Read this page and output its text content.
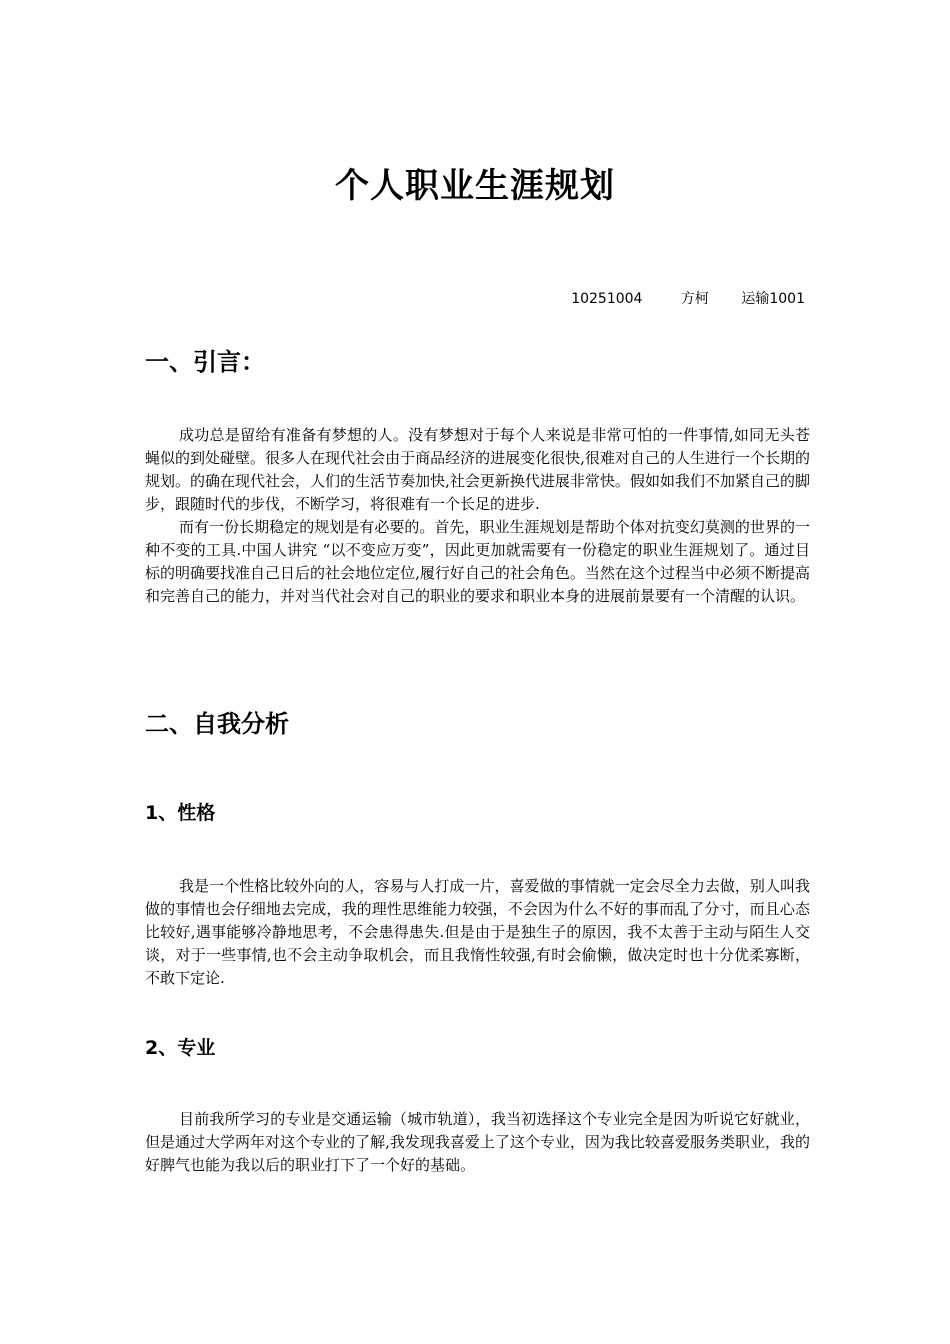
个人职业生涯规划
10251004	方柯 运输1001
一、引言：

成功总是留给有准备有梦想的人。没有梦想对于每个人来说是非常可怕的一件事情,如同无头苍蝇似的到处碰壁。很多人在现代社会由于商品经济的进展变化很快,很难对自己的人生进行一个长期的规划。的确在现代社会，人们的生活节奏加快,社会更新换代进展非常快。假如如我们不加紧自己的脚步，跟随时代的步伐，不断学习，将很难有一个长足的进步.

而有一份长期稳定的规划是有必要的。首先，职业生涯规划是帮助个体对抗变幻莫测的世界的一种不变的工具.中国人讲究 “以不变应万变”，因此更加就需要有一份稳定的职业生涯规划了。通过目标的明确要找准自己日后的社会地位定位,履行好自己的社会角色。当然在这个过程当中必须不断提高和完善自己的能力，并对当代社会对自己的职业的要求和职业本身的进展前景要有一个清醒的认识。

二、自我分析
1、性格

我是一个性格比较外向的人，容易与人打成一片，喜爱做的事情就一定会尽全力去做，别人叫我做的事情也会仔细地去完成，我的理性思维能力较强，不会因为什么不好的事而乱了分寸，而且心态比较好,遇事能够冷静地思考，不会患得患失.但是由于是独生子的原因，我不太善于主动与陌生人交谈，对于一些事情,也不会主动争取机会，而且我惰性较强,有时会偷懒，做决定时也十分优柔寡断，不敢下定论.

2、专业

目前我所学习的专业是交通运输（城市轨道），我当初选择这个专业完全是因为听说它好就业，但是通过大学两年对这个专业的了解,我发现我喜爱上了这个专业，因为我比较喜爱服务类职业，我的好脾气也能为我以后的职业打下了一个好的基础。
